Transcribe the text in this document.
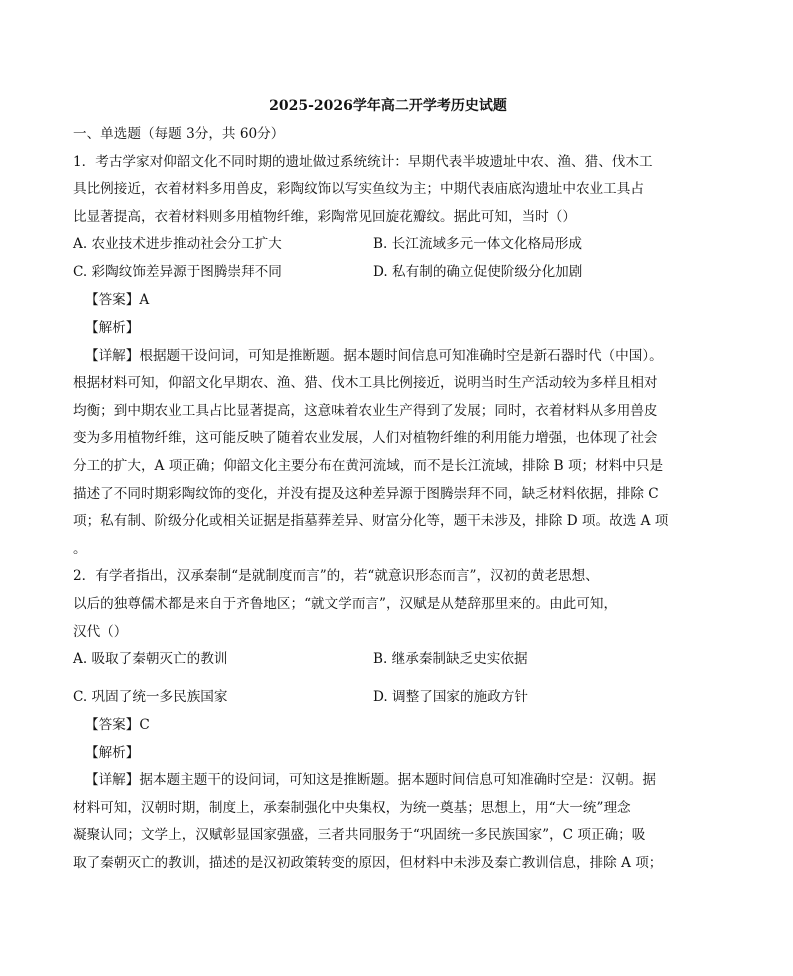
2025-2026学年高二开学考历史试题
一、单选题（每题 3分，共 60分）
1．考古学家对仰韶文化不同时期的遗址做过系统统计：早期代表半坡遗址中农、渔、猎、伐木工
具比例接近，衣着材料多用兽皮，彩陶纹饰以写实鱼纹为主；中期代表庙底沟遗址中农业工具占
比显著提高，衣着材料则多用植物纤维，彩陶常见回旋花瓣纹。据此可知，当时（）
A. 农业技术进步推动社会分工扩大	B. 长江流域多元一体文化格局形成
C. 彩陶纹饰差异源于图腾崇拜不同	D. 私有制的确立促使阶级分化加剧
【答案】A
【解析】
【详解】根据题干设问词，可知是推断题。据本题时间信息可知准确时空是新石器时代（中国）。
根据材料可知，仰韶文化早期农、渔、猎、伐木工具比例接近，说明当时生产活动较为多样且相对
均衡；到中期农业工具占比显著提高，这意味着农业生产得到了发展；同时，衣着材料从多用兽皮
变为多用植物纤维，这可能反映了随着农业发展，人们对植物纤维的利用能力增强，也体现了社会
分工的扩大，A 项正确；仰韶文化主要分布在黄河流域，而不是长江流域，排除 B 项；材料中只是
描述了不同时期彩陶纹饰的变化，并没有提及这种差异源于图腾崇拜不同，缺乏材料依据，排除 C
项；私有制、阶级分化或相关证据是指墓葬差异、财富分化等，题干未涉及，排除 D 项。故选 A 项
。
2．有学者指出，汉承秦制“是就制度而言”的，若“就意识形态而言”，汉初的黄老思想、
以后的独尊儒术都是来自于齐鲁地区；“就文学而言”，汉赋是从楚辞那里来的。由此可知，
汉代（）
A. 吸取了秦朝灭亡的教训	B. 继承秦制缺乏史实依据
C. 巩固了统一多民族国家	D. 调整了国家的施政方针
【答案】C
【解析】
【详解】据本题主题干的设问词，可知这是推断题。据本题时间信息可知准确时空是：汉朝。据
材料可知，汉朝时期，制度上，承秦制强化中央集权，为统一奠基；思想上，用“大一统”理念
凝聚认同；文学上，汉赋彰显国家强盛，三者共同服务于“巩固统一多民族国家”，C 项正确；吸
取了秦朝灭亡的教训，描述的是汉初政策转变的原因，但材料中未涉及秦亡教训信息，排除 A 项；
